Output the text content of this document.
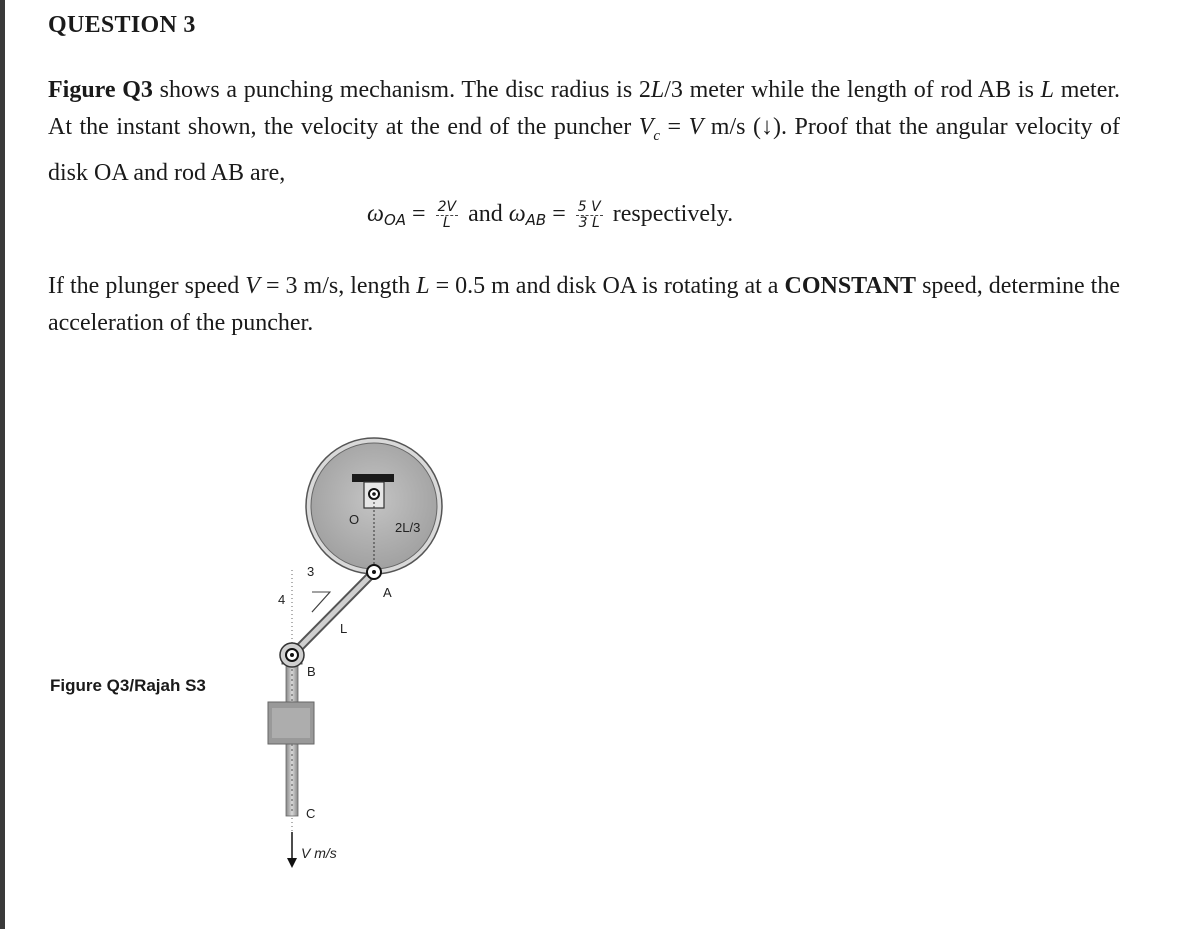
QUESTION 3
Figure Q3 shows a punching mechanism. The disc radius is 2L/3 meter while the length of rod AB is L meter. At the instant shown, the velocity at the end of the puncher $V_c = V$ m/s (↓). Proof that the angular velocity of disk OA and rod AB are,
$\omega_{OA} = \frac{2V}{L}$ and $\omega_{AB} = \frac{5 V}{3 L}$ respectively.
If the plunger speed V = 3 m/s, length L = 0.5 m and disk OA is rotating at a CONSTANT speed, determine the acceleration of the puncher.
Figure Q3/Rajah S3
O
2L/3
A
L
B
C
3
4
V m/s
